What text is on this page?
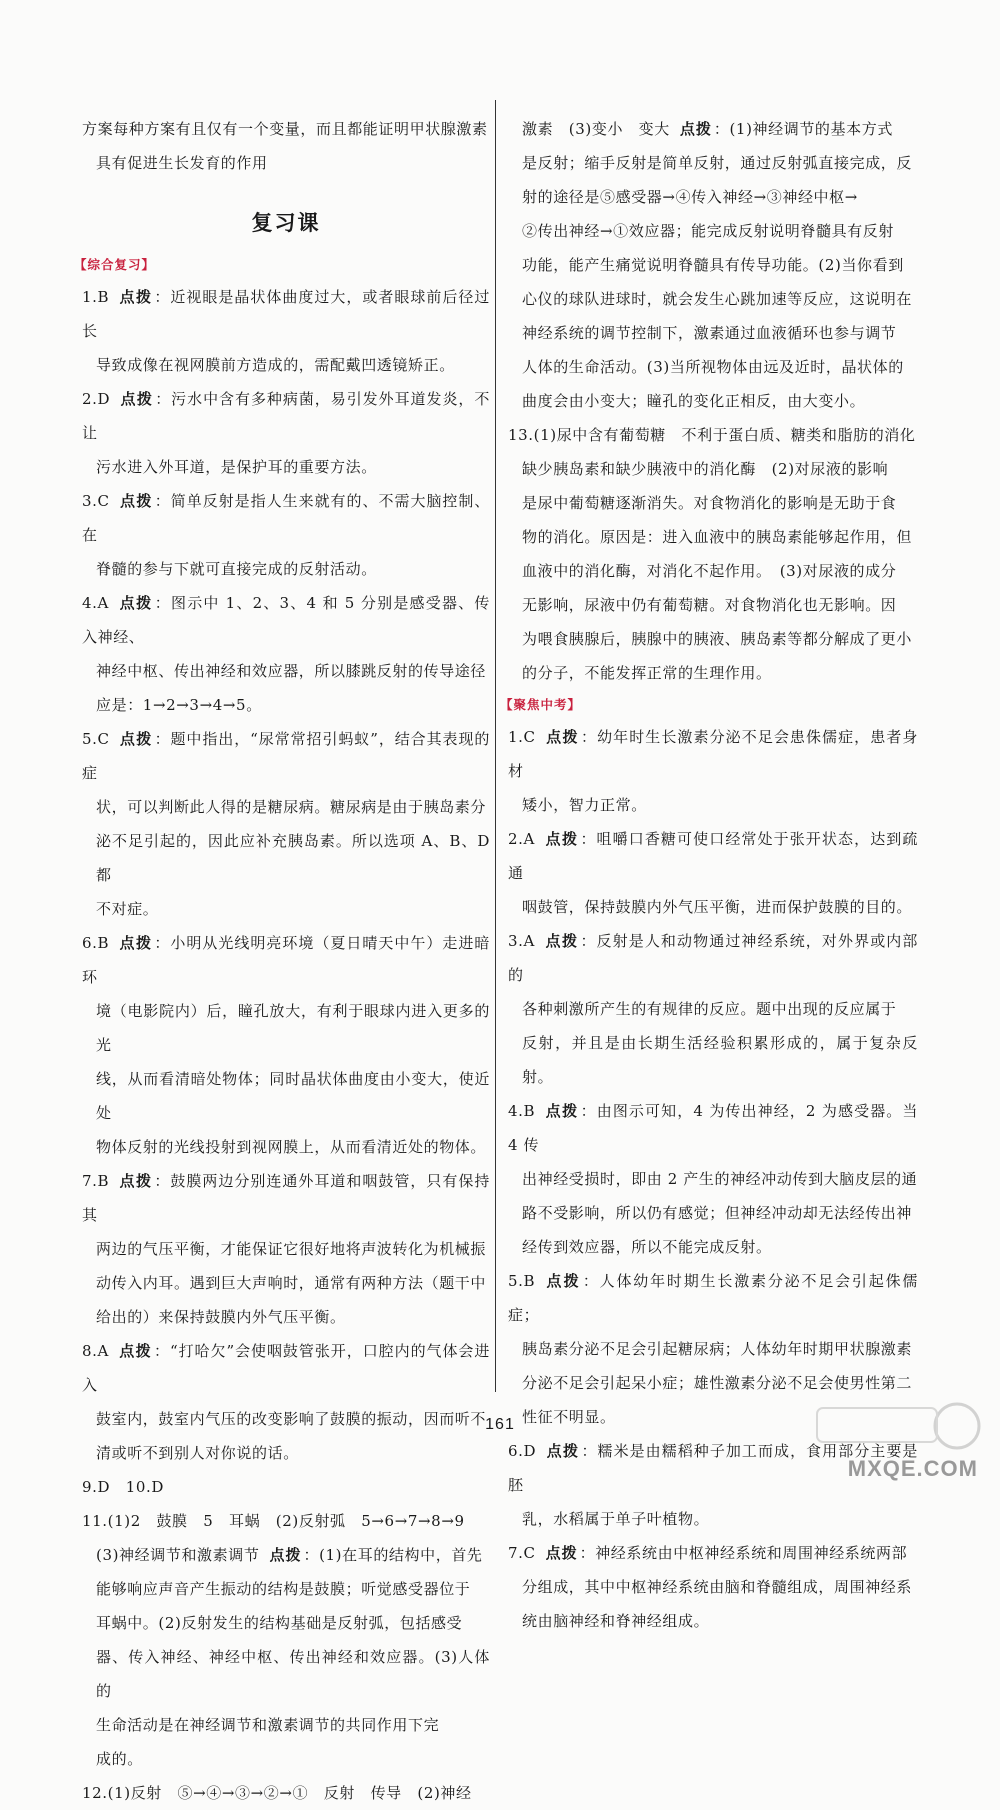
方案每种方案有且仅有一个变量，而且都能证明甲状腺激素

具有促进生长发育的作用

复习课
【综合复习】

1.B 点拨 ：近视眼是晶状体曲度过大，或者眼球前后径过长

导致成像在视网膜前方造成的，需配戴凹透镜矫正。

2.D 点拨 ：污水中含有多种病菌，易引发外耳道发炎，不让

污水进入外耳道，是保护耳的重要方法。

3.C 点拨 ：简单反射是指人生来就有的、不需大脑控制、在

脊髓的参与下就可直接完成的反射活动。

4.A 点拨 ：图示中 1、2、3、4 和 5 分别是感受器、传入神经、

神经中枢、传出神经和效应器，所以膝跳反射的传导途径

应是：1→2→3→4→5。

5.C 点拨 ：题中指出，“尿常常招引蚂蚁”，结合其表现的症

状，可以判断此人得的是糖尿病。糖尿病是由于胰岛素分

泌不足引起的，因此应补充胰岛素。所以选项 A、B、D 都

不对症。

6.B 点拨 ：小明从光线明亮环境（夏日晴天中午）走进暗环

境（电影院内）后，瞳孔放大，有利于眼球内进入更多的光

线，从而看清暗处物体；同时晶状体曲度由小变大，使近处

物体反射的光线投射到视网膜上，从而看清近处的物体。

7.B 点拨 ：鼓膜两边分别连通外耳道和咽鼓管，只有保持其

两边的气压平衡，才能保证它很好地将声波转化为机械振

动传入内耳。遇到巨大声响时，通常有两种方法（题干中

给出的）来保持鼓膜内外气压平衡。

8.A 点拨 ：“打哈欠”会使咽鼓管张开，口腔内的气体会进入

鼓室内，鼓室内气压的改变影响了鼓膜的振动，因而听不

清或听不到别人对你说的话。

9.D　10.D

11.(1)2　鼓膜　5　耳蜗　(2)反射弧　5→6→7→8→9

(3)神经调节和激素调节 点拨 ：(1)在耳的结构中，首先

能够响应声音产生振动的结构是鼓膜；听觉感受器位于

耳蜗中。(2)反射发生的结构基础是反射弧，包括感受

器、传入神经、神经中枢、传出神经和效应器。(3)人体的

生命活动是在神经调节和激素调节的共同作用下完

成的。

12.(1)反射　⑤→④→③→②→①　反射　传导　(2)神经

激素　(3)变小　变大 点拨 ：(1)神经调节的基本方式

是反射；缩手反射是简单反射，通过反射弧直接完成，反

射的途径是⑤感受器→④传入神经→③神经中枢→

②传出神经→①效应器；能完成反射说明脊髓具有反射

功能，能产生痛觉说明脊髓具有传导功能。(2)当你看到

心仪的球队进球时，就会发生心跳加速等反应，这说明在

神经系统的调节控制下，激素通过血液循环也参与调节

人体的生命活动。(3)当所视物体由远及近时，晶状体的

曲度会由小变大；瞳孔的变化正相反，由大变小。

13.(1)尿中含有葡萄糖　不利于蛋白质、糖类和脂肪的消化

缺少胰岛素和缺少胰液中的消化酶　(2)对尿液的影响

是尿中葡萄糖逐渐消失。对食物消化的影响是无助于食

物的消化。原因是：进入血液中的胰岛素能够起作用，但

血液中的消化酶，对消化不起作用。　(3)对尿液的成分

无影响，尿液中仍有葡萄糖。对食物消化也无影响。因

为喂食胰腺后，胰腺中的胰液、胰岛素等都分解成了更小

的分子，不能发挥正常的生理作用。

【聚焦中考】

1.C 点拨 ：幼年时生长激素分泌不足会患侏儒症，患者身材

矮小，智力正常。

2.A 点拨 ：咀嚼口香糖可使口经常处于张开状态，达到疏通

咽鼓管，保持鼓膜内外气压平衡，进而保护鼓膜的目的。

3.A 点拨 ：反射是人和动物通过神经系统，对外界或内部的

各种刺激所产生的有规律的反应。题中出现的反应属于

反射，并且是由长期生活经验积累形成的，属于复杂反射。

4.B 点拨 ：由图示可知，4 为传出神经，2 为感受器。当 4 传

出神经受损时，即由 2 产生的神经冲动传到大脑皮层的通

路不受影响，所以仍有感觉；但神经冲动却无法经传出神

经传到效应器，所以不能完成反射。

5.B 点拨 ：人体幼年时期生长激素分泌不足会引起侏儒症；

胰岛素分泌不足会引起糖尿病；人体幼年时期甲状腺激素

分泌不足会引起呆小症；雄性激素分泌不足会使男性第二

性征不明显。

6.D 点拨 ：糯米是由糯稻种子加工而成，食用部分主要是胚

乳，水稻属于单子叶植物。

7.C 点拨 ：神经系统由中枢神经系统和周围神经系统两部

分组成，其中中枢神经系统由脑和脊髓组成，周围神经系

统由脑神经和脊神经组成。

161
MXQE.COM
